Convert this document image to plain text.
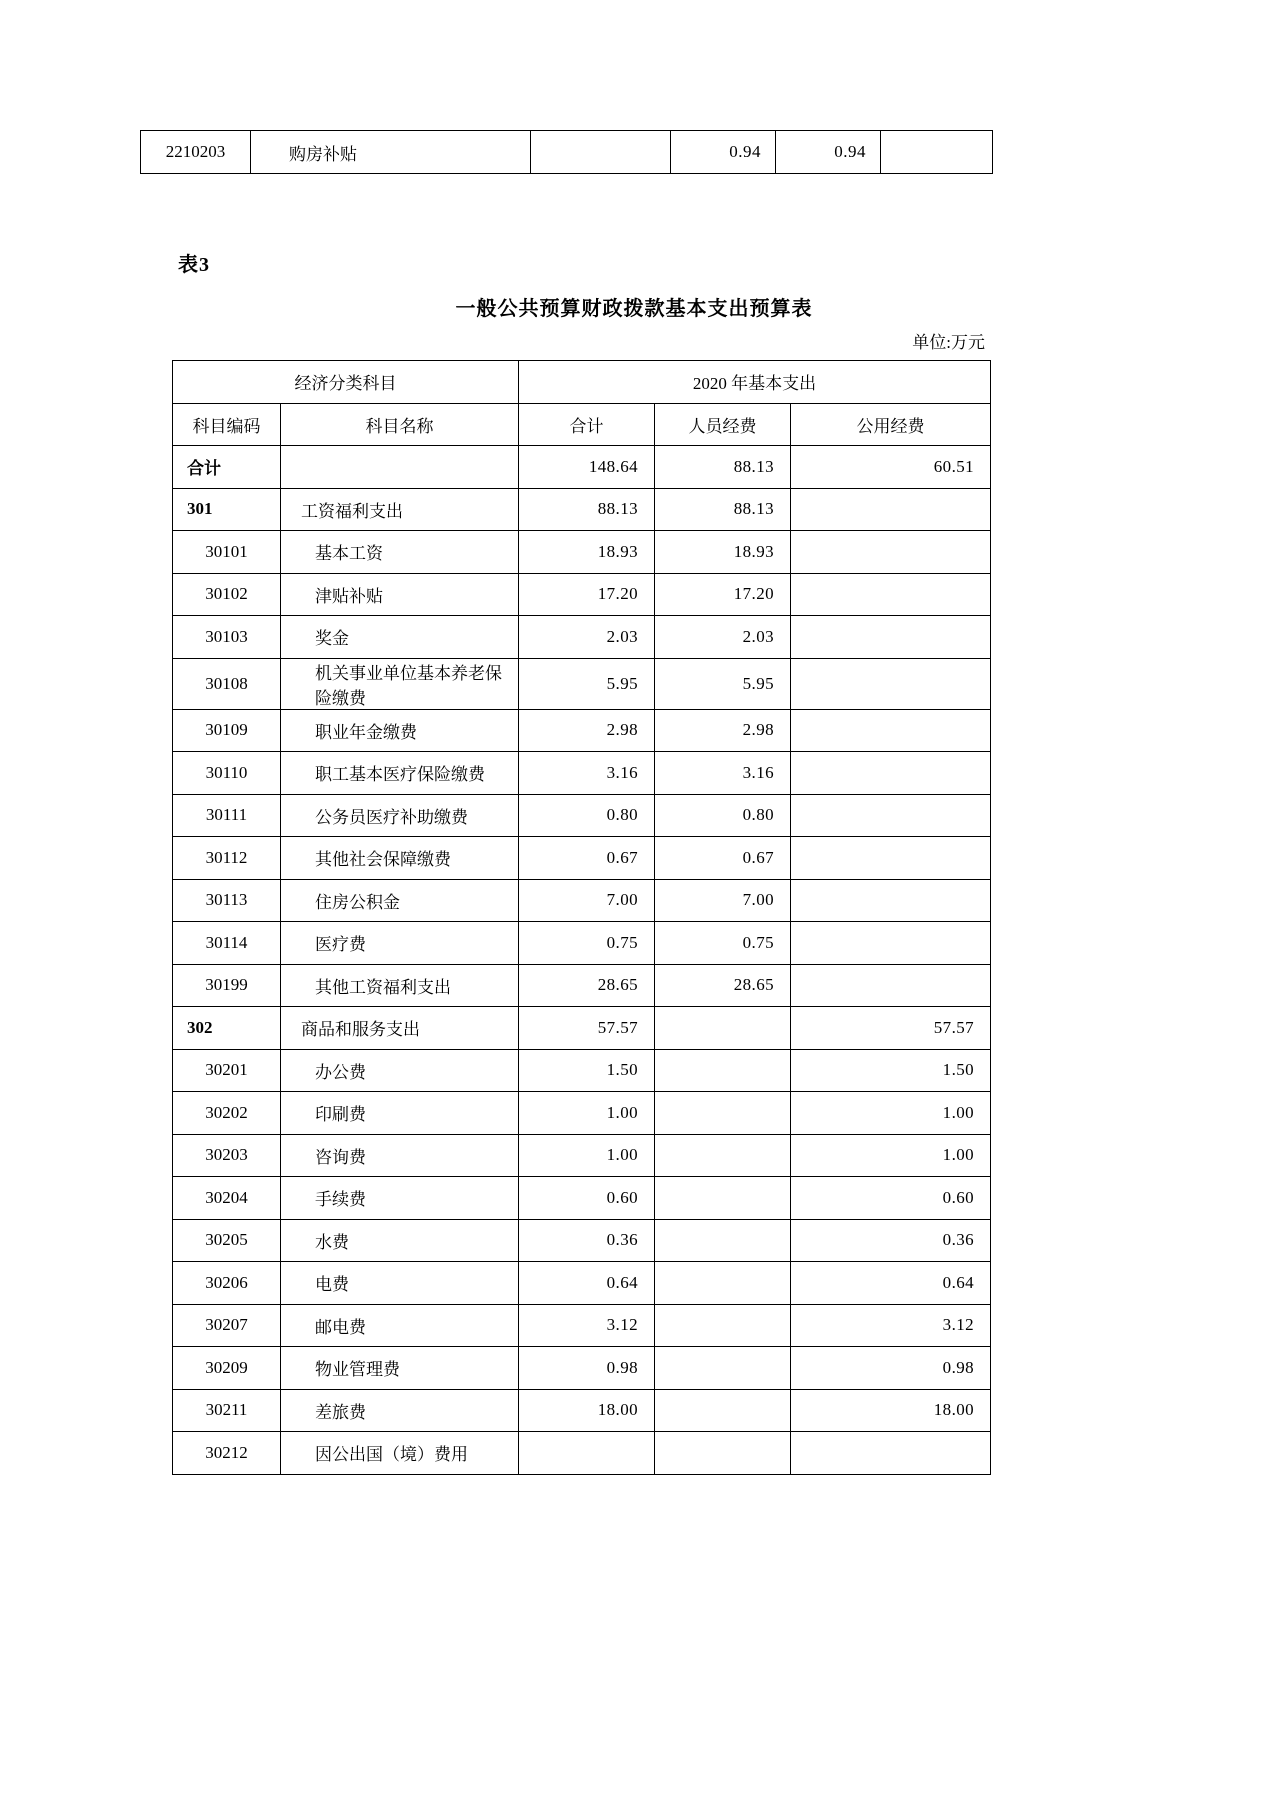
2210203	购房补贴		0.94	0.94	
表3
一般公共预算财政拨款基本支出预算表
单位:万元
经济分类科目		2020 年基本支出		
科目编码	科目名称	合计	人员经费	公用经费
合计		148.64	88.13	60.51
301	工资福利支出	88.13	88.13	
30101	基本工资	18.93	18.93	
30102	津贴补贴	17.20	17.20	
30103	奖金	2.03	2.03	
30108	机关事业单位基本养老保险缴费	5.95	5.95	
30109	职业年金缴费	2.98	2.98	
30110	职工基本医疗保险缴费	3.16	3.16	
30111	公务员医疗补助缴费	0.80	0.80	
30112	其他社会保障缴费	0.67	0.67	
30113	住房公积金	7.00	7.00	
30114	医疗费	0.75	0.75	
30199	其他工资福利支出	28.65	28.65	
302	商品和服务支出	57.57		57.57
30201	办公费	1.50		1.50
30202	印刷费	1.00		1.00
30203	咨询费	1.00		1.00
30204	手续费	0.60		0.60
30205	水费	0.36		0.36
30206	电费	0.64		0.64
30207	邮电费	3.12		3.12
30209	物业管理费	0.98		0.98
30211	差旅费	18.00		18.00
30212	因公出国（境）费用			
